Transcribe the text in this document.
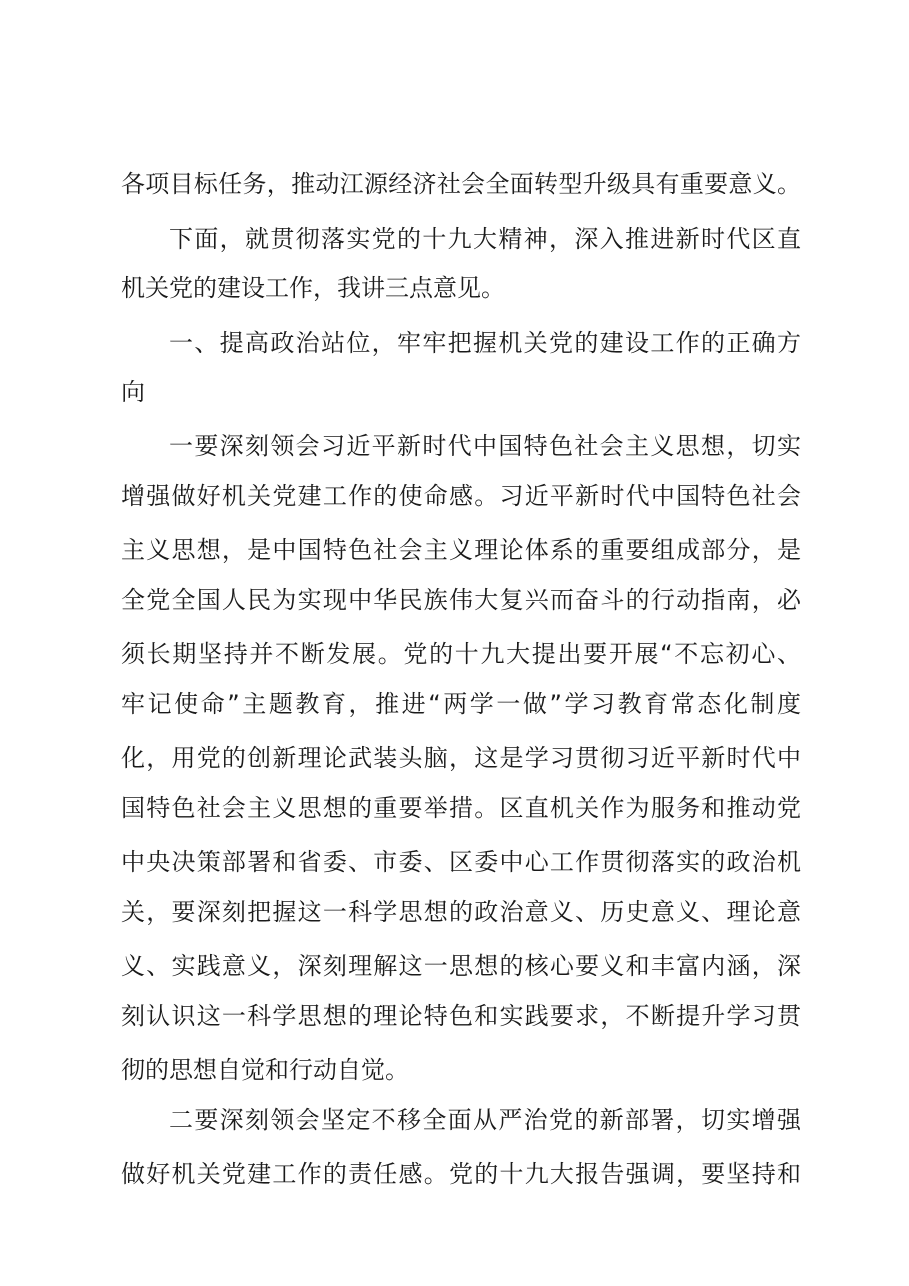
各项目标任务，推动江源经济社会全面转型升级具有重要意义。
下面，就贯彻落实党的十九大精神，深入推进新时代区直
机关党的建设工作，我讲三点意见。
一、提高政治站位，牢牢把握机关党的建设工作的正确方
向
一要深刻领会习近平新时代中国特色社会主义思想，切实
增强做好机关党建工作的使命感。习近平新时代中国特色社会
主义思想，是中国特色社会主义理论体系的重要组成部分，是
全党全国人民为实现中华民族伟大复兴而奋斗的行动指南，必
须长期坚持并不断发展。党的十九大提出要开展“不忘初心、
牢记使命”主题教育，推进“两学一做”学习教育常态化制度
化，用党的创新理论武装头脑，这是学习贯彻习近平新时代中
国特色社会主义思想的重要举措。区直机关作为服务和推动党
中央决策部署和省委、市委、区委中心工作贯彻落实的政治机
关，要深刻把握这一科学思想的政治意义、历史意义、理论意
义、实践意义，深刻理解这一思想的核心要义和丰富内涵，深
刻认识这一科学思想的理论特色和实践要求，不断提升学习贯
彻的思想自觉和行动自觉。
二要深刻领会坚定不移全面从严治党的新部署，切实增强
做好机关党建工作的责任感。党的十九大报告强调，要坚持和
